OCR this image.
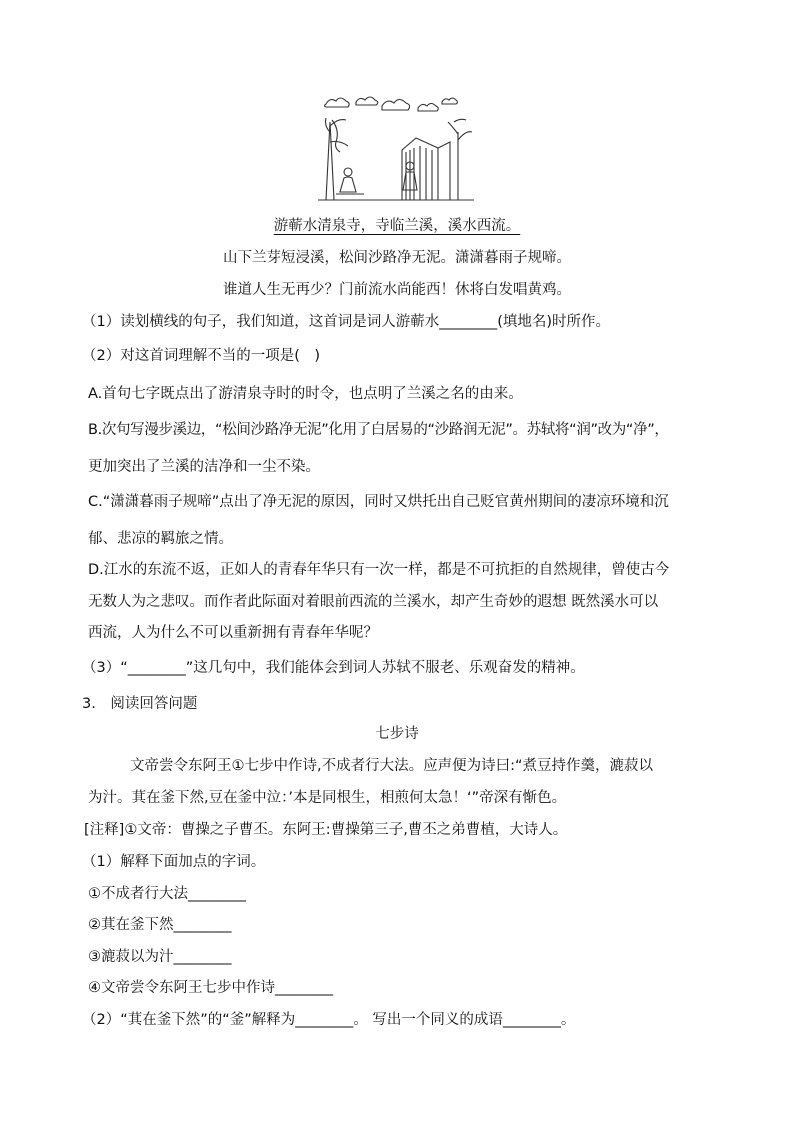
游蕲水清泉寺，寺临兰溪，溪水西流。
山下兰芽短浸溪，松间沙路净无泥。潇潇暮雨子规啼。
谁道人生无再少？门前流水尚能西！休将白发唱黄鸡。
（1）读划横线的句子，我们知道，这首词是词人游蕲水________(填地名)时所作。
（2）对这首词理解不当的一项是(　)
A.首句七字既点出了游清泉寺时的时令，也点明了兰溪之名的由来。
B.次句写漫步溪边，“松间沙路净无泥”化用了白居易的“沙路润无泥”。苏轼将“润”改为“净”，
更加突出了兰溪的洁净和一尘不染。
C.“潇潇暮雨子规啼”点出了净无泥的原因，同时又烘托出自己贬官黄州期间的凄凉环境和沉
郁、悲凉的羁旅之情。
D.江水的东流不返，正如人的青春年华只有一次一样，都是不可抗拒的自然规律，曾使古今
无数人为之悲叹。而作者此际面对着眼前西流的兰溪水，却产生奇妙的遐想 既然溪水可以
西流，人为什么不可以重新拥有青春年华呢？
（3）“________”这几句中，我们能体会到词人苏轼不服老、乐观奋发的精神。
3.　阅读回答问题
七步诗
文帝尝令东阿王①七步中作诗,不成者行大法。应声便为诗曰:“煮豆持作羹，漉菽以
为汁。萁在釜下然,豆在釜中泣：’本是同根生，相煎何太急！‘”帝深有惭色。
[注释]①文帝：曹操之子曹丕。东阿王:曹操第三子,曹丕之弟曹植，大诗人。
（1）解释下面加点的字词。
①不成者行大法________
②萁在釜下然________
③漉菽以为汁________
④文帝尝令东阿王七步中作诗________
（2）“萁在釜下然”的“釜”解释为________。 写出一个同义的成语________。
